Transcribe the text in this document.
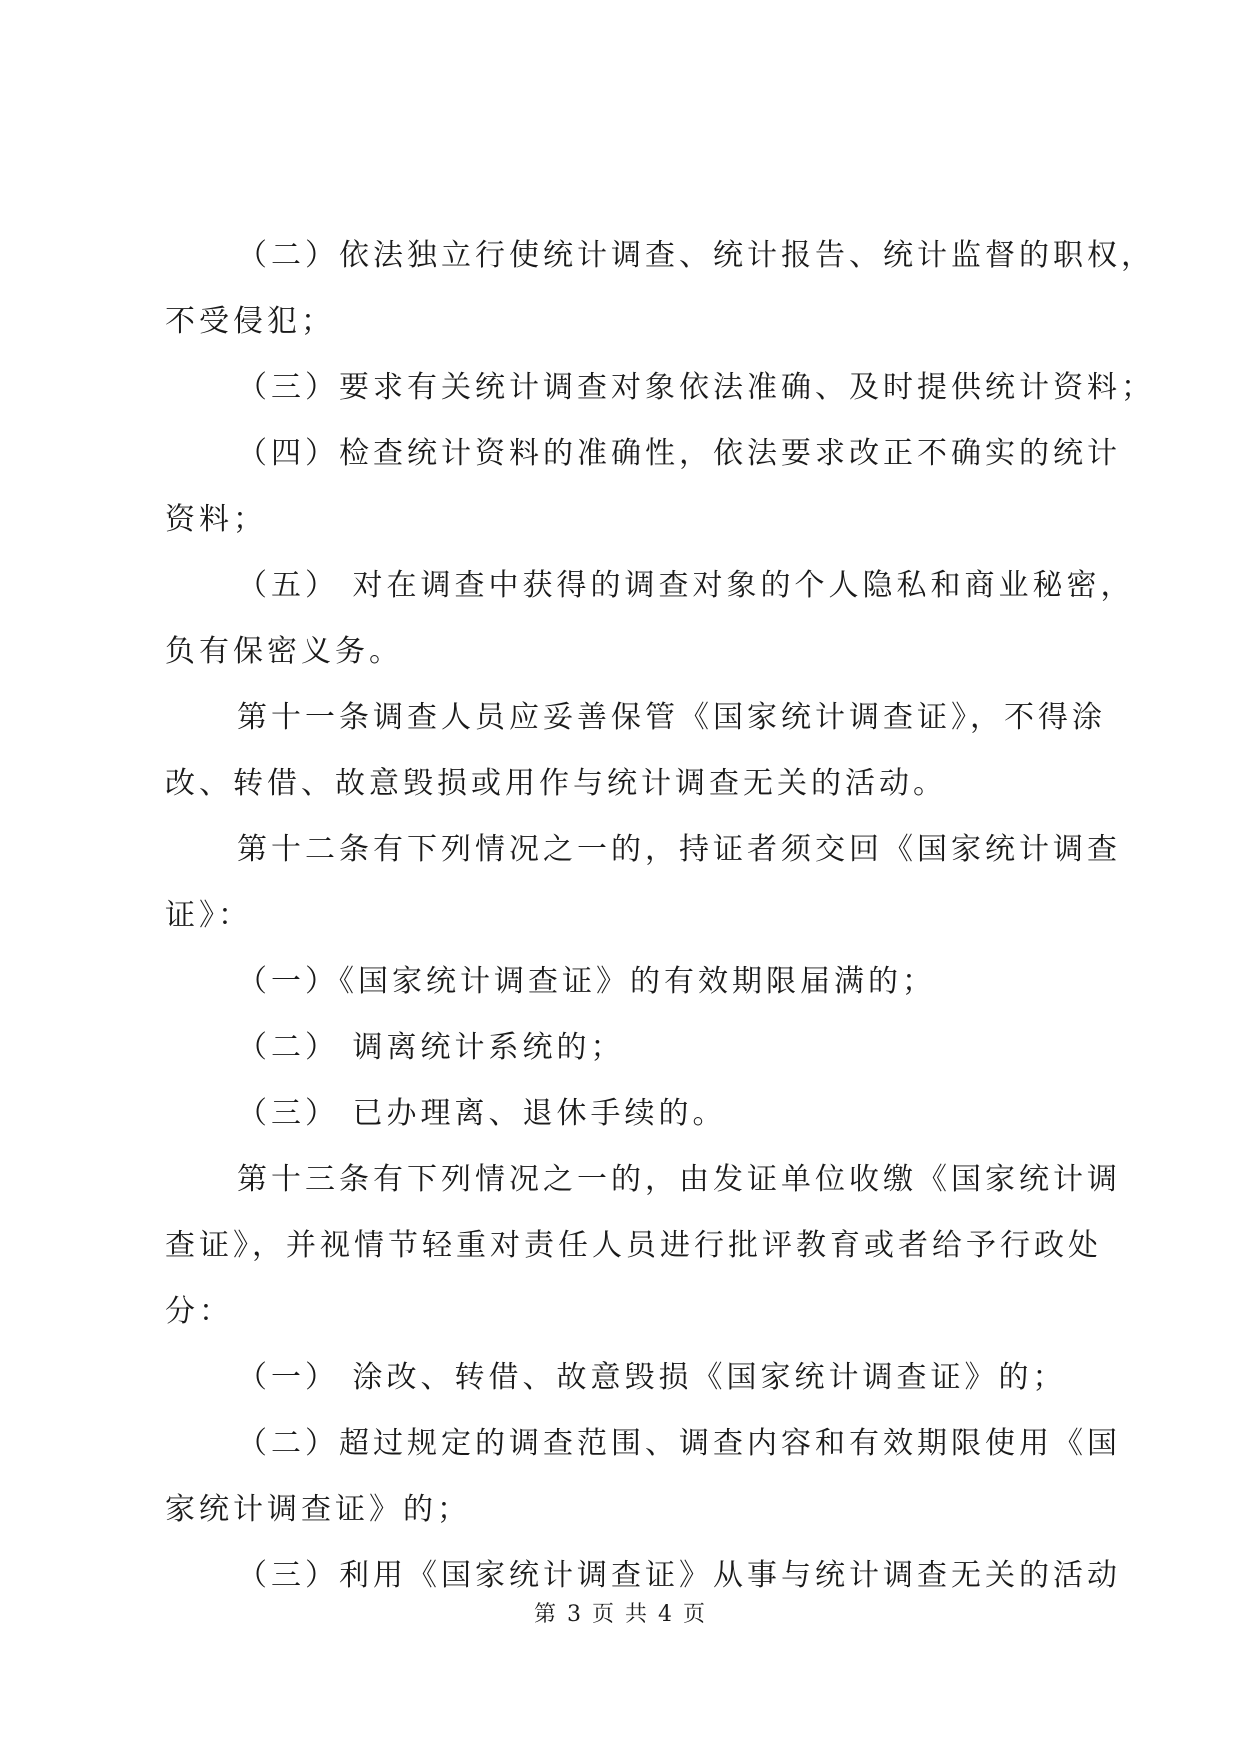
（二）依法独立行使统计调查、统计报告、统计监督的职权，
不受侵犯；
（三）要求有关统计调查对象依法准确、及时提供统计资料；
（四）检查统计资料的准确性，依法要求改正不确实的统计
资料；
（五） 对在调查中获得的调查对象的个人隐私和商业秘密，
负有保密义务。
第十一条调查人员应妥善保管《国家统计调查证》，不得涂
改、转借、故意毁损或用作与统计调查无关的活动。
第十二条有下列情况之一的，持证者须交回《国家统计调查
证》：
（一）《国家统计调查证》的有效期限届满的；
（二） 调离统计系统的；
（三） 已办理离、退休手续的。
第十三条有下列情况之一的，由发证单位收缴《国家统计调
查证》，并视情节轻重对责任人员进行批评教育或者给予行政处
分：
（一） 涂改、转借、故意毁损《国家统计调查证》的；
（二）超过规定的调查范围、调查内容和有效期限使用《国
家统计调查证》的；
（三）利用《国家统计调查证》从事与统计调查无关的活动
第 3 页 共 4 页
